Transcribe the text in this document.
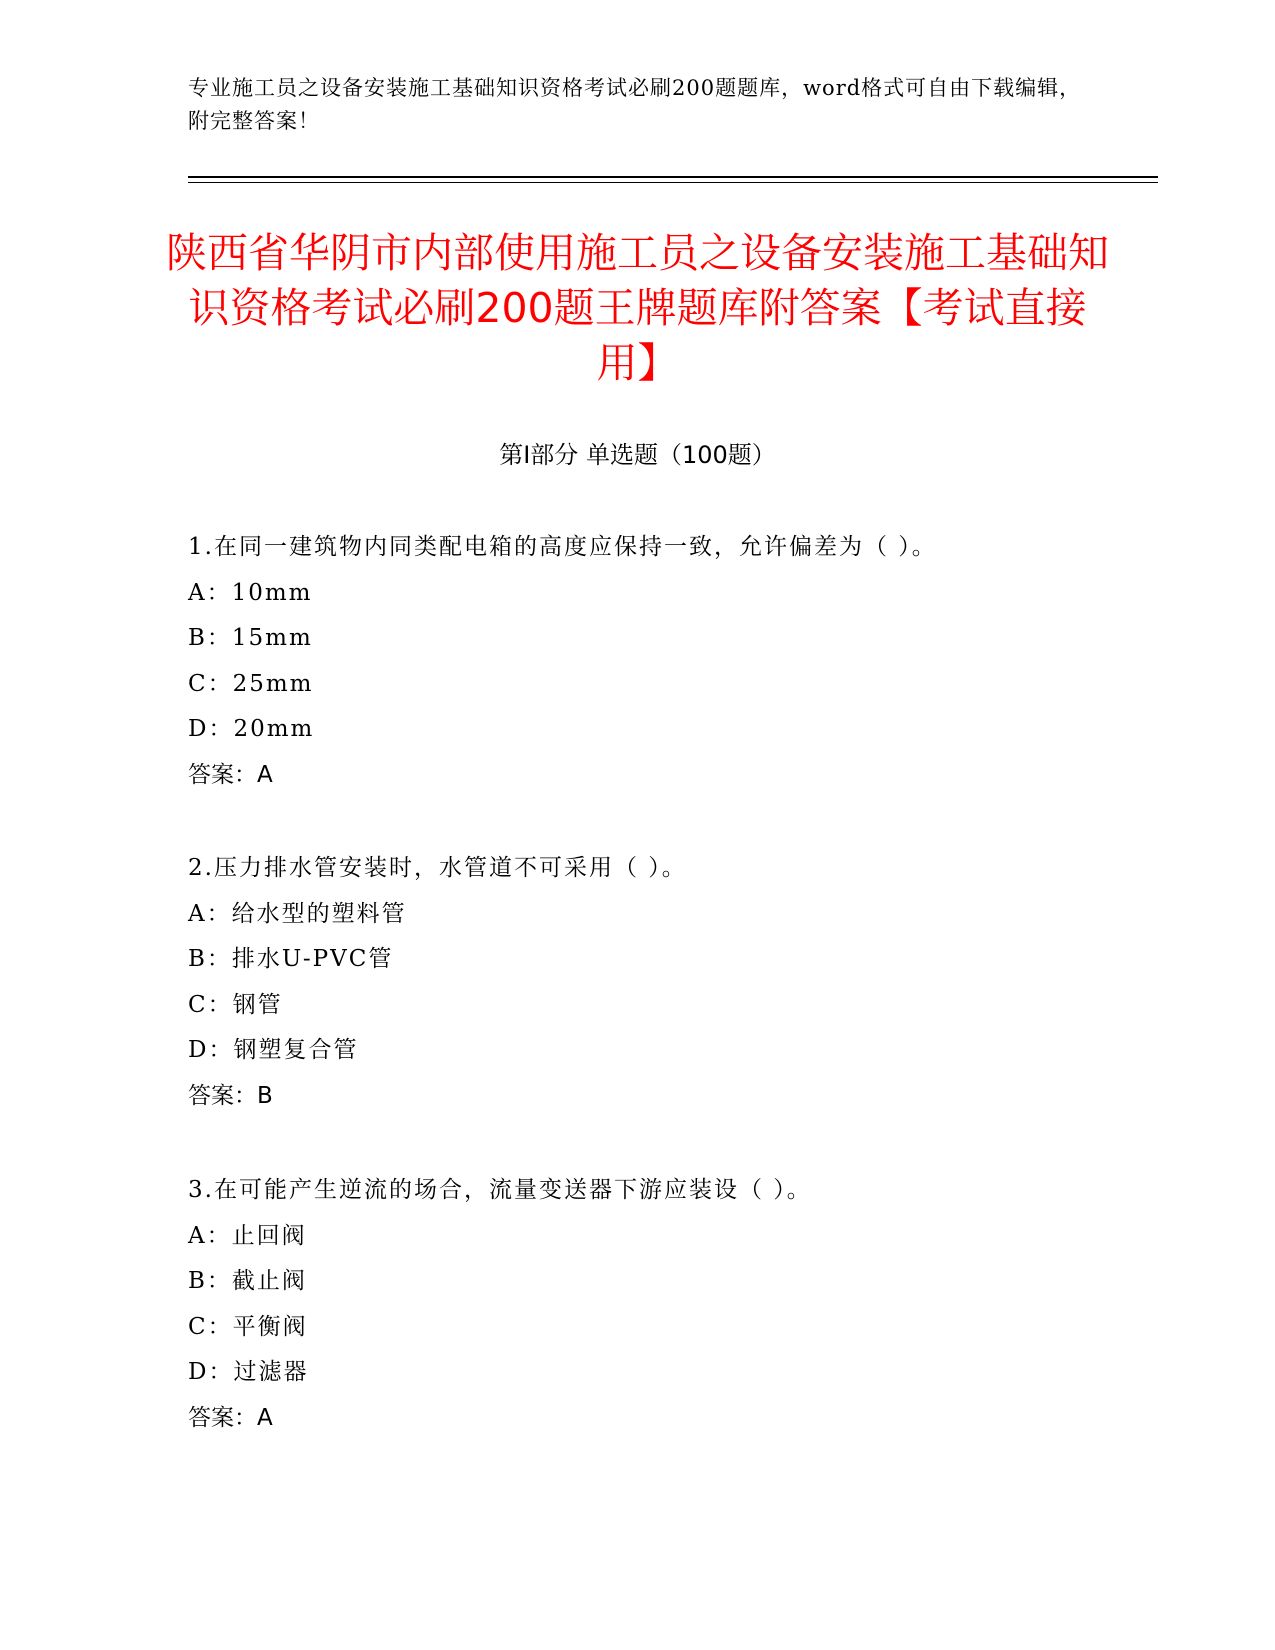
专业施工员之设备安装施工基础知识资格考试必刷200题题库，word格式可自由下载编辑，附完整答案！
陕西省华阴市内部使用施工员之设备安装施工基础知识资格考试必刷200题王牌题库附答案【考试直接用】
第I部分 单选题（100题）
1.在同一建筑物内同类配电箱的高度应保持一致，允许偏差为（ ）。
A：10mm
B：15mm
C：25mm
D：20mm
答案：A
2.压力排水管安装时，水管道不可采用（ ）。
A：给水型的塑料管
B：排水U-PVC管
C：钢管
D：钢塑复合管
答案：B
3.在可能产生逆流的场合，流量变送器下游应装设（ ）。
A：止回阀
B：截止阀
C：平衡阀
D：过滤器
答案：A
